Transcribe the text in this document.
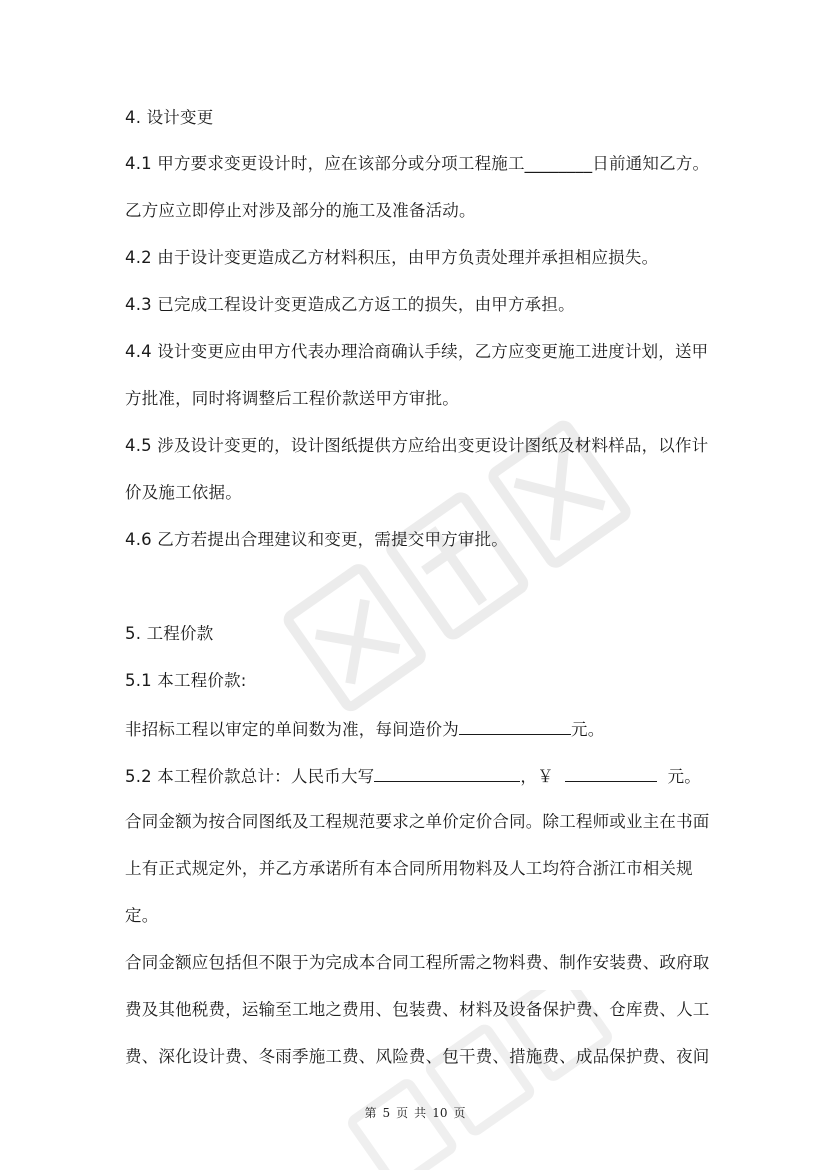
4. 设计变更
4.1 甲方要求变更设计时，应在该部分或分项工程施工________日前通知乙方。
乙方应立即停止对涉及部分的施工及准备活动。
4.2 由于设计变更造成乙方材料积压，由甲方负责处理并承担相应损失。
4.3 已完成工程设计变更造成乙方返工的损失，由甲方承担。
4.4 设计变更应由甲方代表办理洽商确认手续，乙方应变更施工进度计划，送甲
方批准，同时将调整后工程价款送甲方审批。
4.5 涉及设计变更的，设计图纸提供方应给出变更设计图纸及材料样品，以作计
价及施工依据。
4.6 乙方若提出合理建议和变更，需提交甲方审批。
5. 工程价款
5.1 本工程价款:
非招标工程以审定的单间数为准，每间造价为	元。
5.2 本工程价款总计：人民币大写	，￥	元。
合同金额为按合同图纸及工程规范要求之单价定价合同。除工程师或业主在书面
上有正式规定外，并乙方承诺所有本合同所用物料及人工均符合浙江市相关规
定。
合同金额应包括但不限于为完成本合同工程所需之物料费、制作安装费、政府取
费及其他税费，运输至工地之费用、包装费、材料及设备保护费、仓库费、人工
费、深化设计费、冬雨季施工费、风险费、包干费、措施费、成品保护费、夜间
第 5 页 共 10 页
